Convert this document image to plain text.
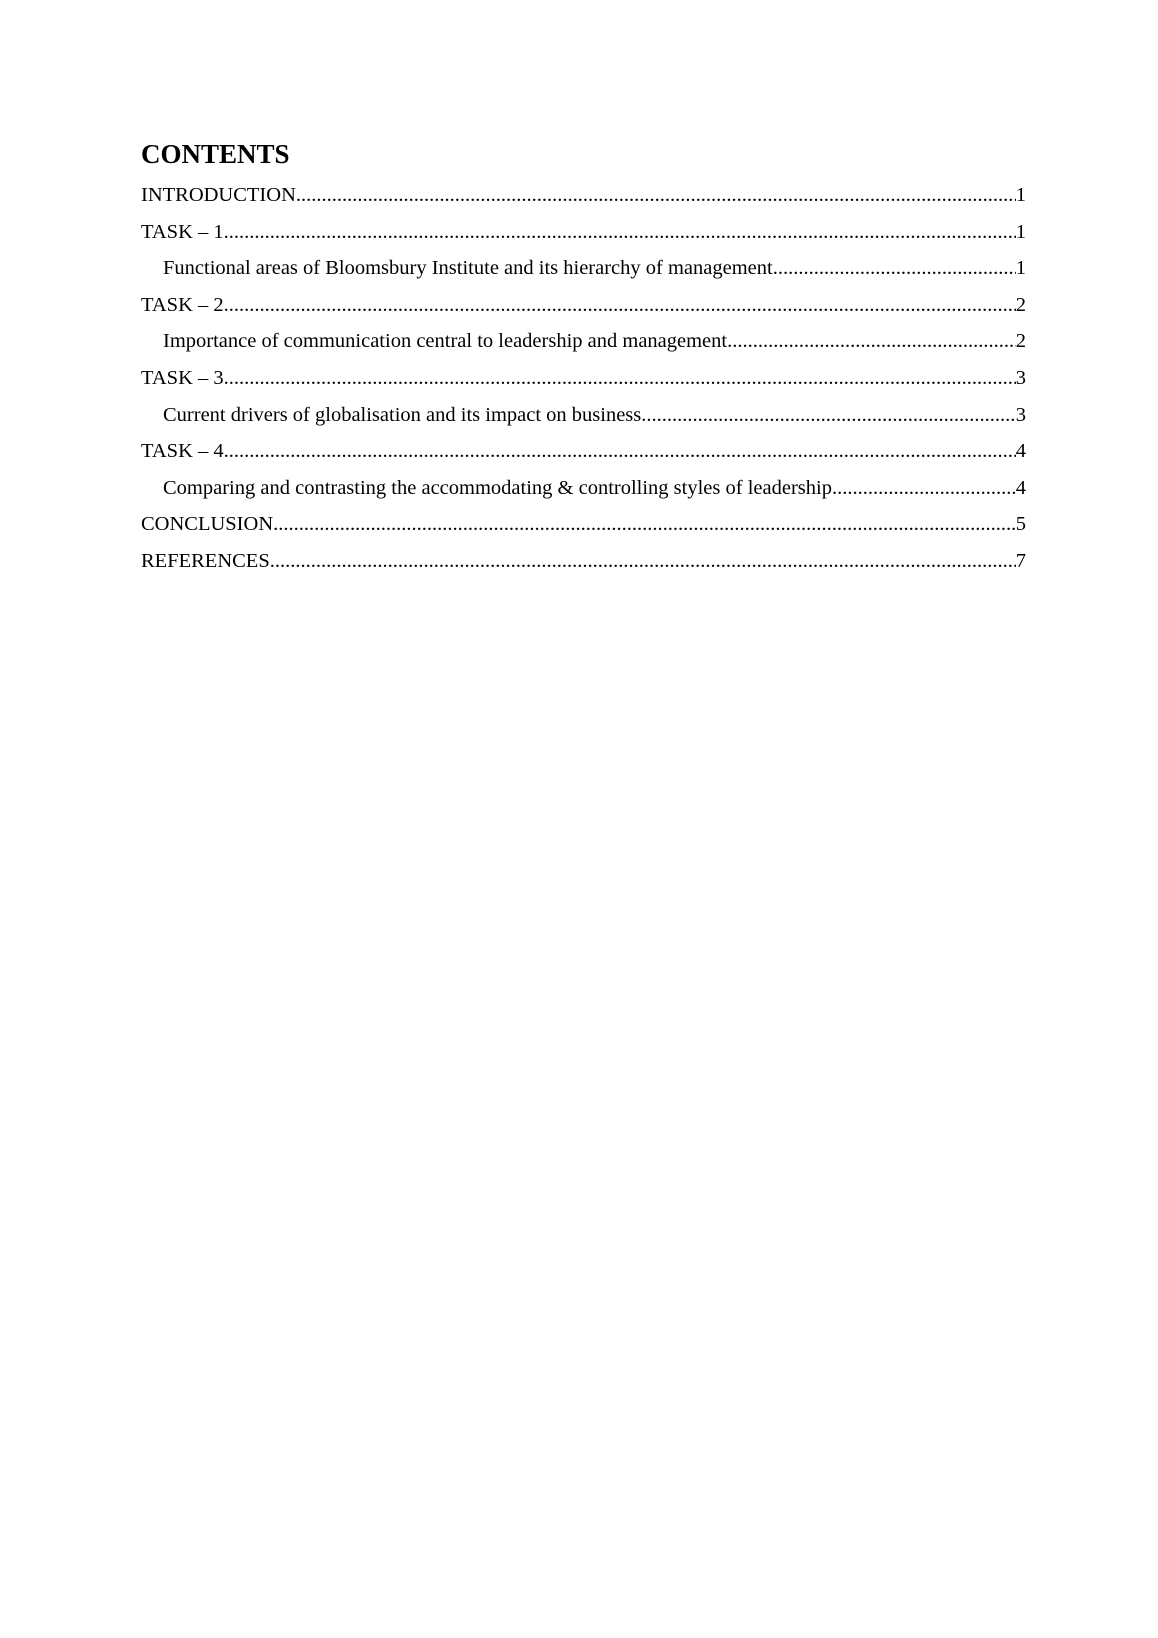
CONTENTS
INTRODUCTION .....	1
TASK – 1 .....	1
Functional areas of Bloomsbury Institute and its hierarchy of management .....	1
TASK – 2 .....	2
Importance of communication central to leadership and management .....	2
TASK – 3 .....	3
Current drivers of globalisation and its impact on business .....	3
TASK – 4 .....	4
Comparing and contrasting the accommodating & controlling styles of leadership .....	4
CONCLUSION .....	5
REFERENCES .....	7
